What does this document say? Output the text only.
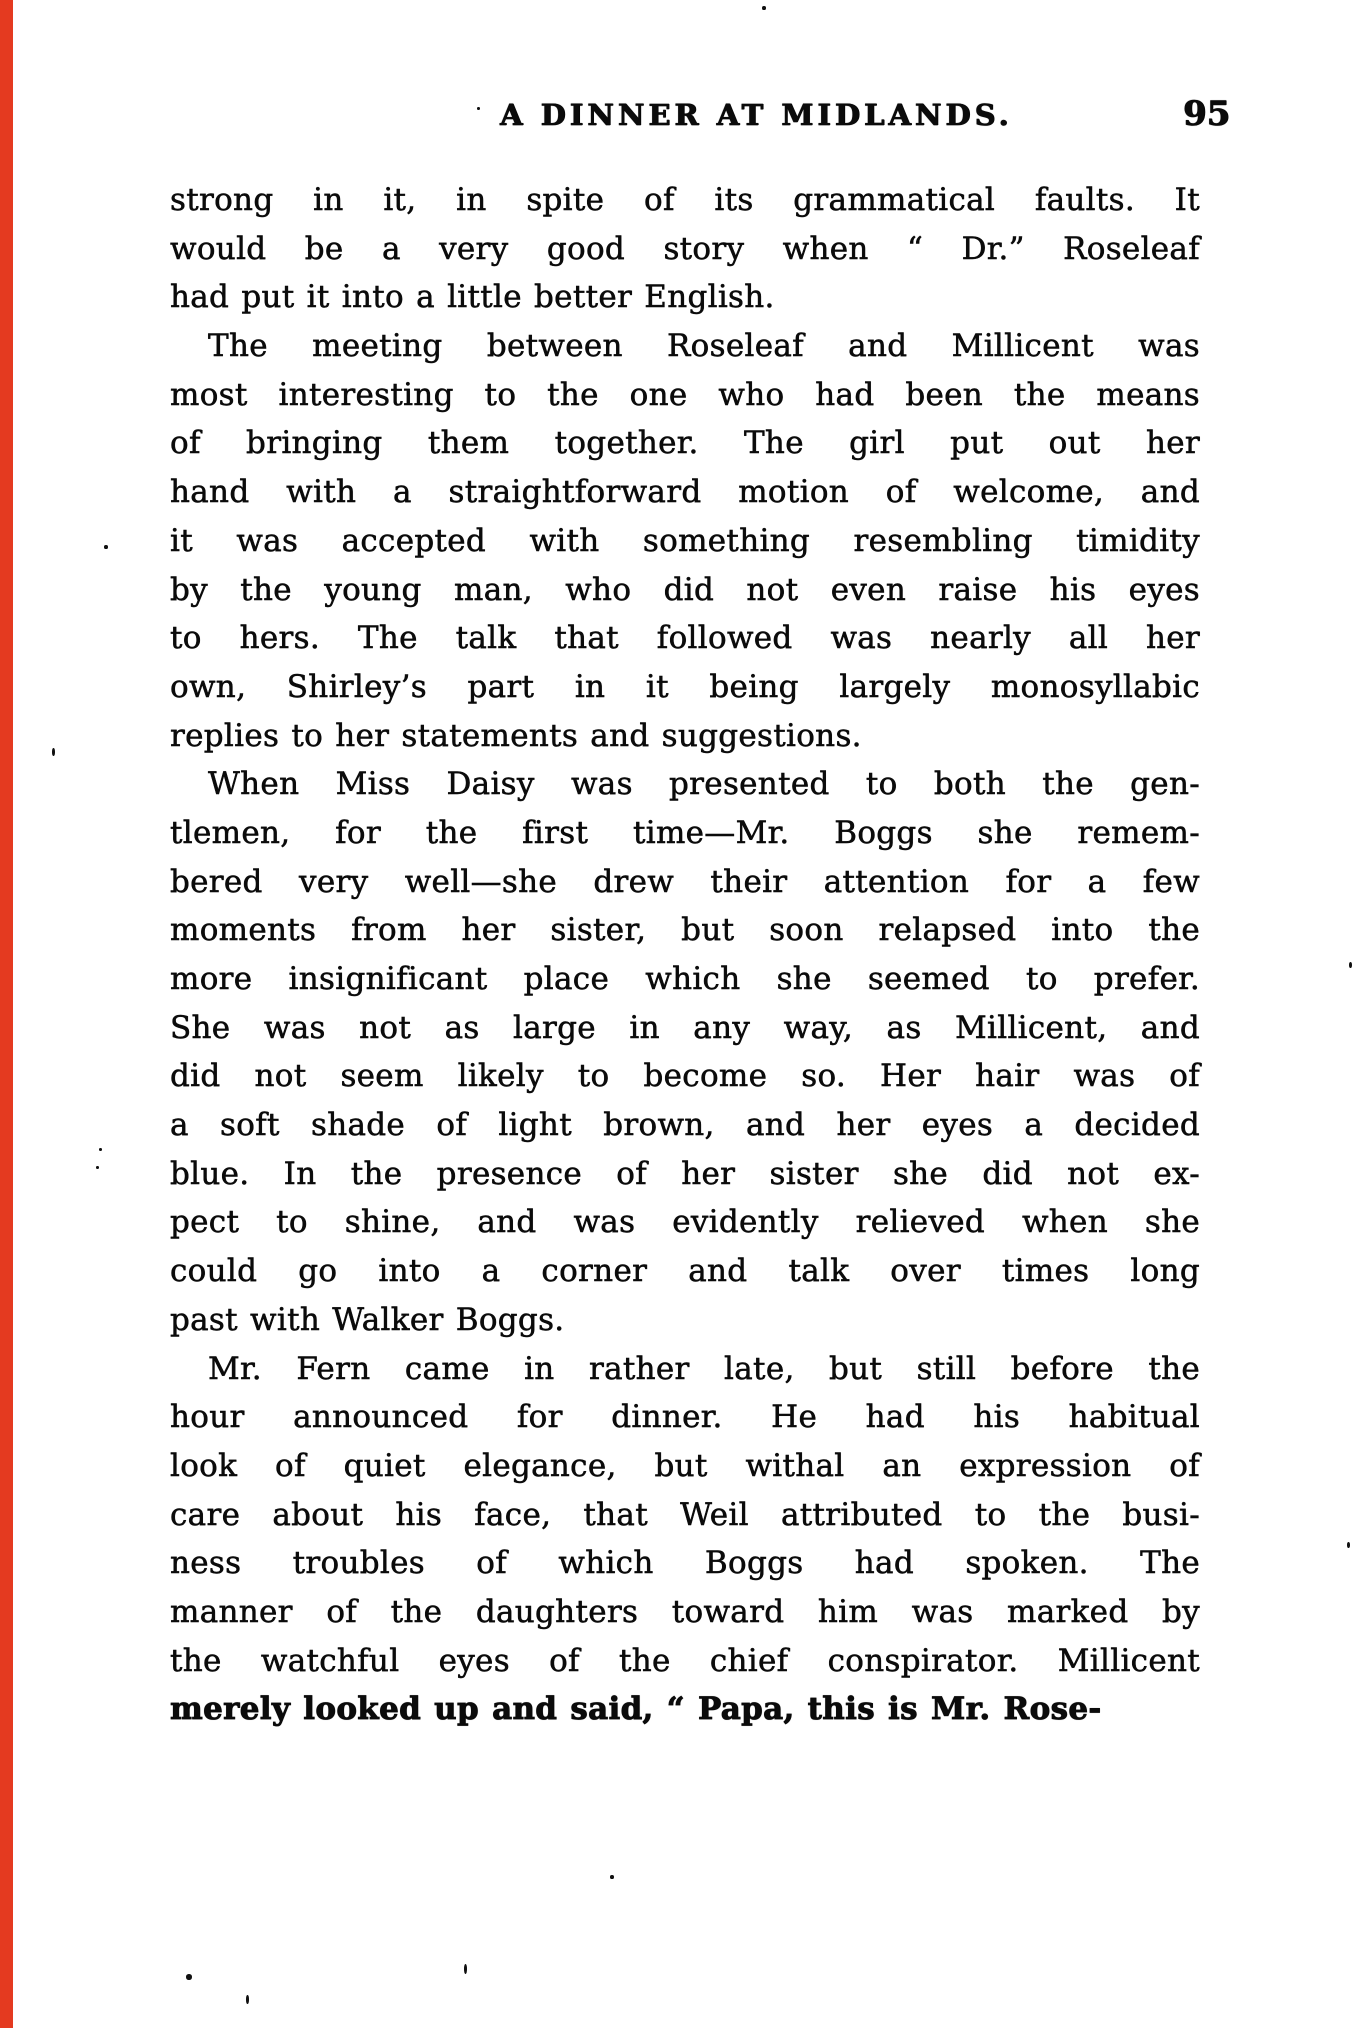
A DINNER AT MIDLANDS.	95
strong in it, in spite of its grammatical faults. It
would be a very good story when “ Dr.” Roseleaf
had put it into a little better English.
The meeting between Roseleaf and Millicent was
most interesting to the one who had been the means
of bringing them together. The girl put out her
hand with a straightforward motion of welcome, and
it was accepted with something resembling timidity
by the young man, who did not even raise his eyes
to hers. The talk that followed was nearly all her
own, Shirley’s part in it being largely monosyllabic
replies to her statements and suggestions.
When Miss Daisy was presented to both the gen-
tlemen, for the first time—Mr. Boggs she remem-
bered very well—she drew their attention for a few
moments from her sister, but soon relapsed into the
more insignificant place which she seemed to prefer.
She was not as large in any way, as Millicent, and
did not seem likely to become so. Her hair was of
a soft shade of light brown, and her eyes a decided
blue. In the presence of her sister she did not ex-
pect to shine, and was evidently relieved when she
could go into a corner and talk over times long
past with Walker Boggs.
Mr. Fern came in rather late, but still before the
hour announced for dinner. He had his habitual
look of quiet elegance, but withal an expression of
care about his face, that Weil attributed to the busi-
ness troubles of which Boggs had spoken. The
manner of the daughters toward him was marked by
the watchful eyes of the chief conspirator. Millicent
merely looked up and said, “ Papa, this is Mr. Rose-
